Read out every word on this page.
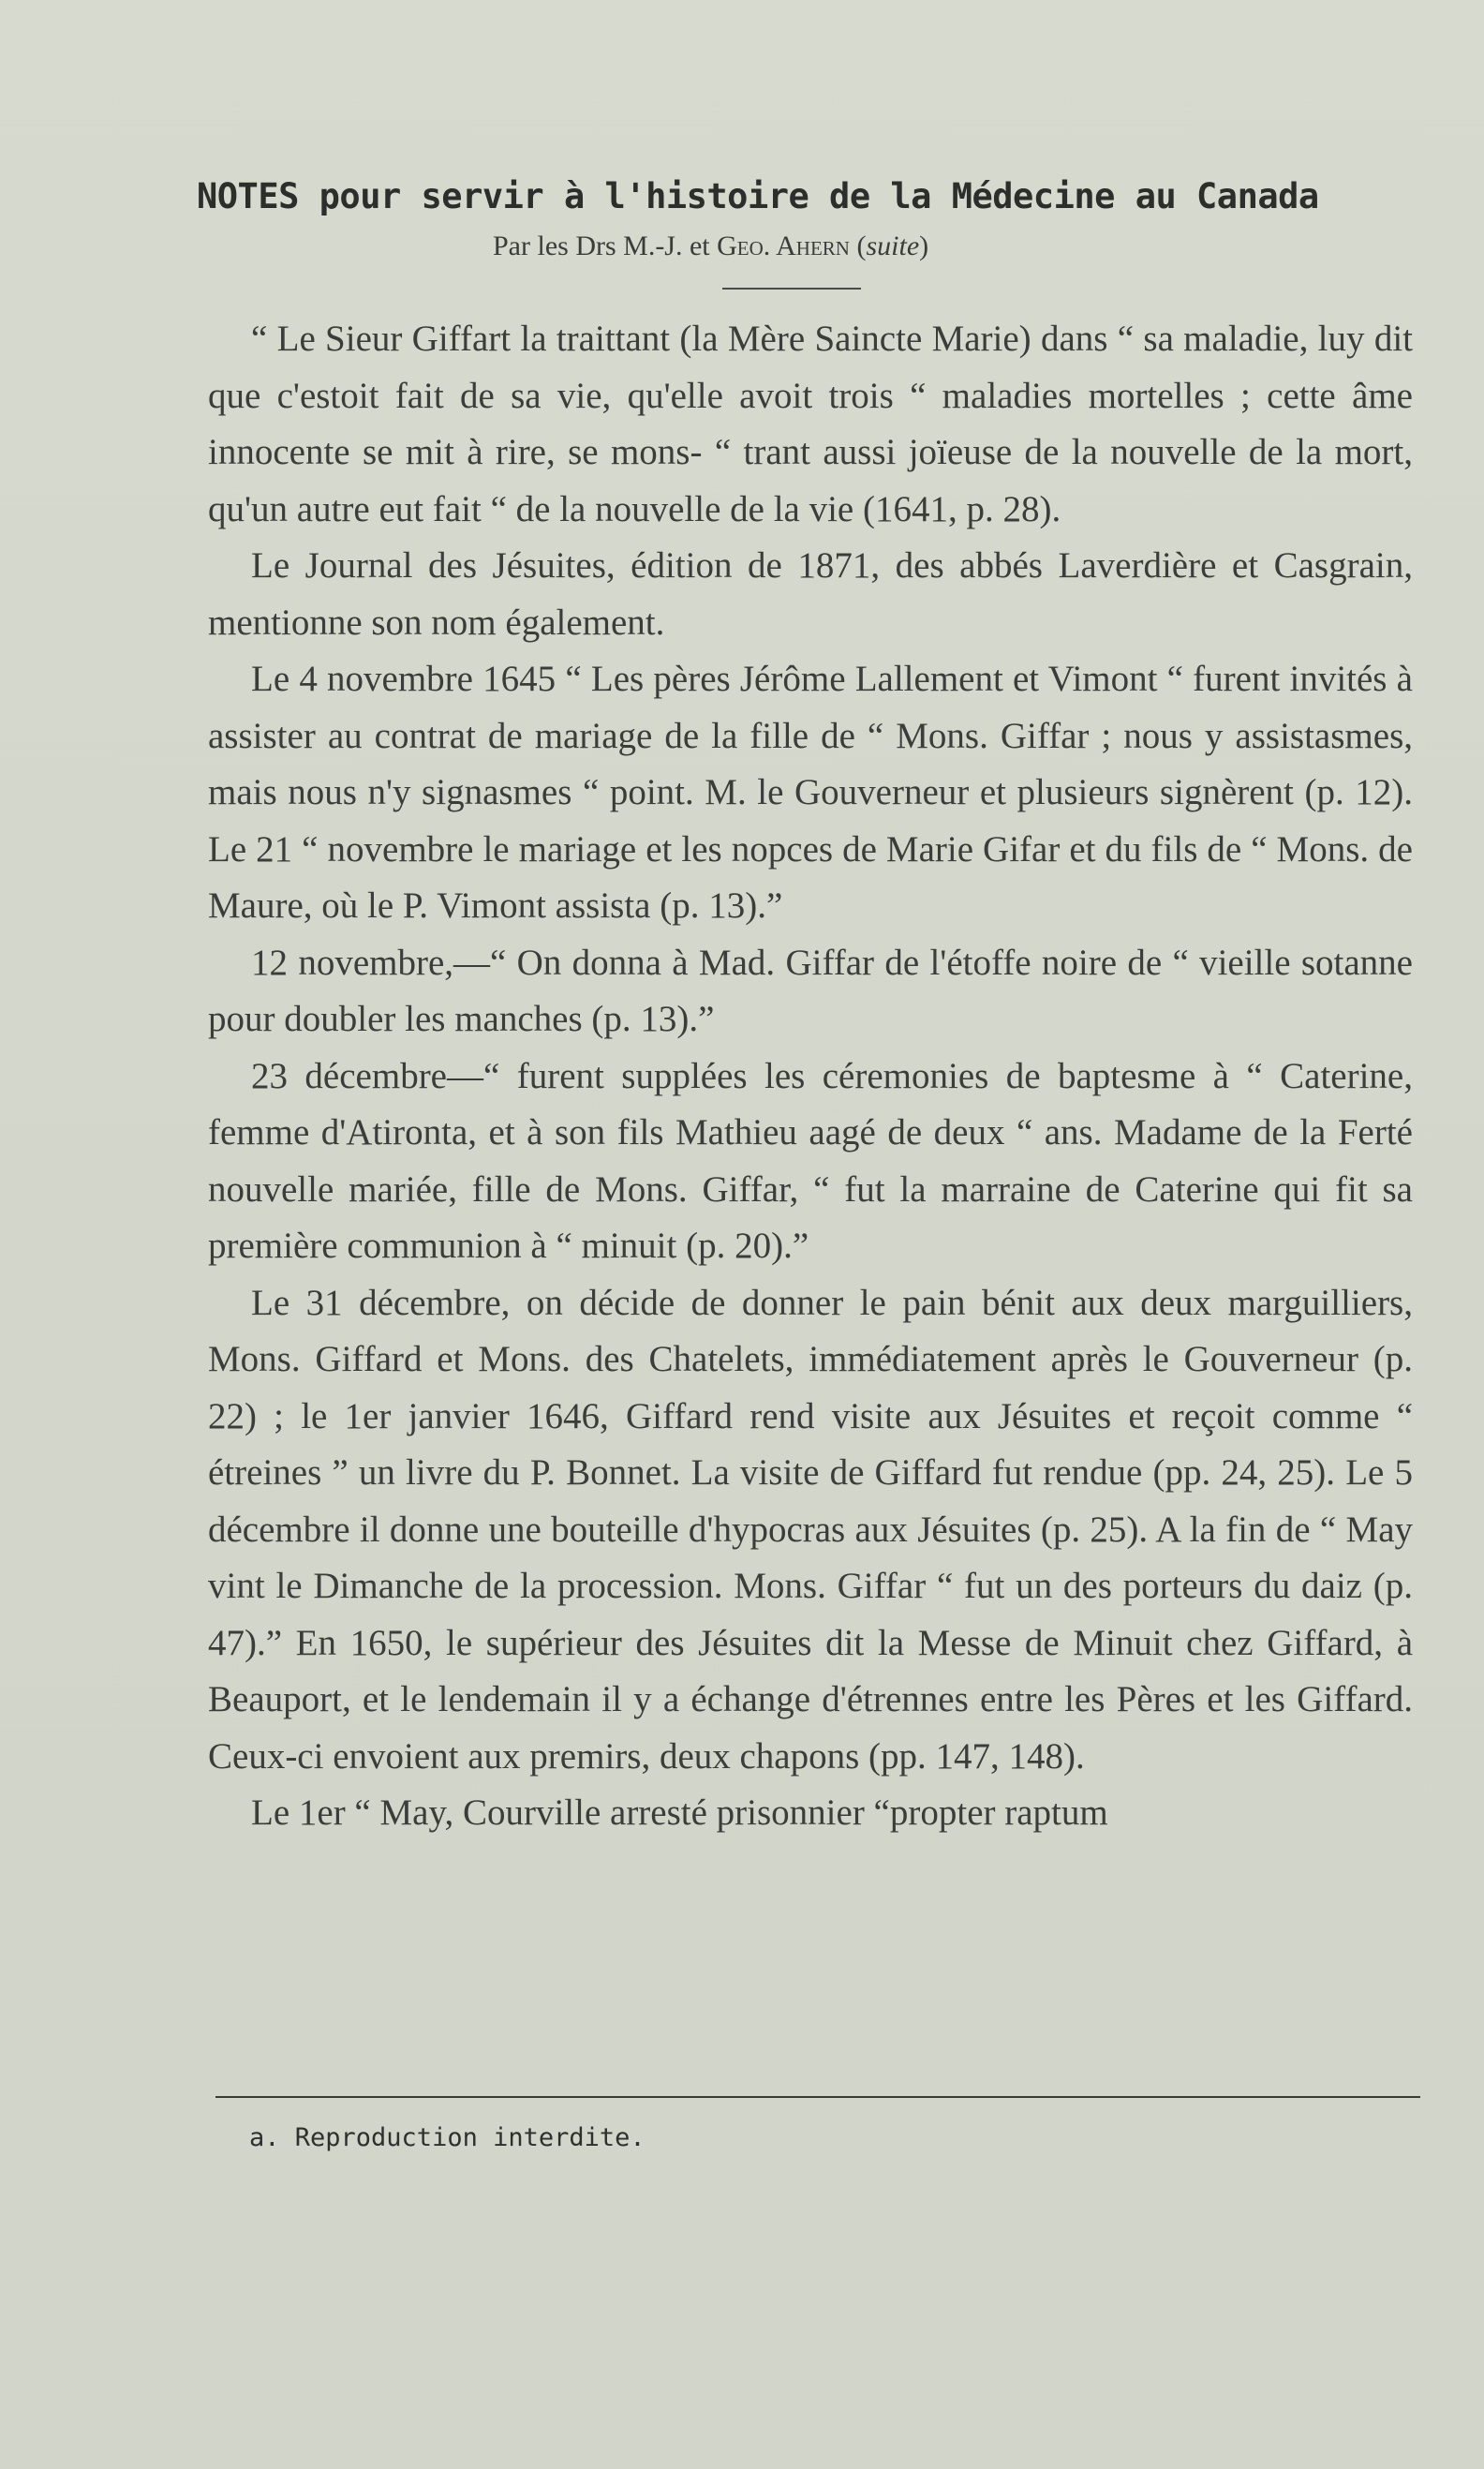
NOTES pour servir à l'histoire de la Médecine au Canada
Par les Drs M.-J. et Geo. Ahern (suite)

“ Le Sieur Giffart la traittant (la Mère Saincte Marie) dans “ sa maladie, luy dit que c'estoit fait de sa vie, qu'elle avoit trois “ maladies mortelles ; cette âme innocente se mit à rire, se mons- “ trant aussi joïeuse de la nouvelle de la mort, qu'un autre eut fait “ de la nouvelle de la vie (1641, p. 28).

Le Journal des Jésuites, édition de 1871, des abbés Laverdière et Casgrain, mentionne son nom également.

Le 4 novembre 1645 “ Les pères Jérôme Lallement et Vimont “ furent invités à assister au contrat de mariage de la fille de “ Mons. Giffar ; nous y assistasmes, mais nous n'y signasmes “ point. M. le Gouverneur et plusieurs signèrent (p. 12). Le 21 “ novembre le mariage et les nopces de Marie Gifar et du fils de “ Mons. de Maure, où le P. Vimont assista (p. 13).”

12 novembre,—“ On donna à Mad. Giffar de l'étoffe noire de “ vieille sotanne pour doubler les manches (p. 13).”

23 décembre—“ furent supplées les céremonies de baptesme à “ Caterine, femme d'Atironta, et à son fils Mathieu aagé de deux “ ans. Madame de la Ferté nouvelle mariée, fille de Mons. Giffar, “ fut la marraine de Caterine qui fit sa première communion à “ minuit (p. 20).”

Le 31 décembre, on décide de donner le pain bénit aux deux marguilliers, Mons. Giffard et Mons. des Chatelets, immédiatement après le Gouverneur (p. 22) ; le 1er janvier 1646, Giffard rend visite aux Jésuites et reçoit comme “ étreines ” un livre du P. Bonnet. La visite de Giffard fut rendue (pp. 24, 25). Le 5 décembre il donne une bouteille d'hypocras aux Jésuites (p. 25). A la fin de “ May vint le Dimanche de la procession. Mons. Giffar “ fut un des porteurs du daiz (p. 47).” En 1650, le supérieur des Jésuites dit la Messe de Minuit chez Giffard, à Beauport, et le lendemain il y a échange d'étrennes entre les Pères et les Giffard. Ceux-ci envoient aux premirs, deux chapons (pp. 147, 148).

Le 1er “ May, Courville arresté prisonnier “propter raptum

a. Reproduction interdite.
